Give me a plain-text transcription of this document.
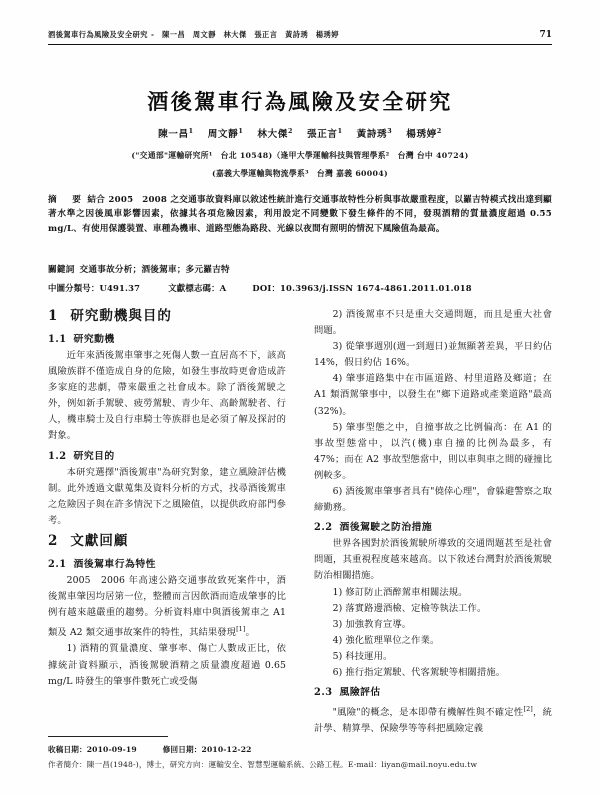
酒後駕車行為風險及安全研究 -　陳一昌　周文靜　林大傑　張正言　黃詩琇　楊琇婷	71
酒後駕車行為風險及安全研究
陳一昌$^1$ 周文靜$^1$ 林大傑$^2$ 張正言$^1$ 黃詩琇$^3$ 楊琇婷$^2$
("交通部"運輸研究所¹　台北 10548)（逢甲大學運輸科技與管理學系²　台灣 台中 40724)
(嘉義大學運輸與物流學系³　台灣 嘉義 60004)
摘　要 結合 2005　2008 之交通事故資料庫以敘述性統計進行交通事故特性分析與事故嚴重程度，以羅吉特模式找出達到顯著水準之因後風車影響因素，依據其各項危險因素，利用設定不同變數下發生條件的不同，發現酒精的質量濃度超過 0.55 mg/L、有使用保護裝置、車種為機車、道路型態為路段、光線以夜間有照明的情況下風險值為最高。
關鍵詞 交通事故分析；酒後駕車；多元羅吉特
中圖分類号：U491.37	文獻標志碼：A	DOI：10.3963/j.ISSN 1674-4861.2011.01.018
1 研究動機與目的
1.1 研究動機

近年來酒後駕車肇事之死傷人數一直居高不下，該高風險族群不僅造成自身的危險，如發生事故時更會造成許多家庭的悲劇，帶來嚴重之社會成本。除了酒後駕駛之外，例如新手駕駛、疲勞駕駛、青少年、高齡駕駛者、行人，機車騎士及自行車騎士等族群也是必須了解及探討的對象。

1.2 研究目的

本研究選擇"酒後駕車"為研究對象，建立風險評估機制。此外透過文獻蒐集及資料分析的方式，找尋酒後駕車之危險因子與在許多情況下之風險值，以提供政府部門參考。

2 文獻回顧
2.1 酒後駕車行為特性

2005　2006 年高速公路交通事故致死案件中，酒後駕車肇因均居第一位，整體而言因飲酒而造成肇事的比例有越來越嚴重的趨勢。分析資料庫中與酒後駕車之 A1 類及 A2 類交通事故案件的特性，其結果發現[1]。

1) 酒精的質量濃度、肇事率、傷亡人數成正比，依據統計資料顯示，酒後駕駛酒精之质量濃度超過 0.65 mg/L 時發生的肇事件數死亡或受傷

2) 酒後駕車不只是重大交通問題，而且是重大社會問題。

3) 從肇事週別(週一到週日)並無顯著差異，平日約佔 14%，假日約佔 16%。

4) 肇事道路集中在市區道路、村里道路及鄉道；在 A1 類酒駕肇事中，以發生在"鄉下道路或產業道路"最高(32%)。

5) 肇事型態之中，自撞事故之比例偏高：在 A1 的事故型態當中，以汽(機)車自撞的比例為最多，有 47%；而在 A2 事故型態當中，則以車與車之間的碰撞比例較多。

6) 酒後駕車肇事者具有"僥倖心理"，會躲避警察之取締勤務。

2.2 酒後駕駛之防治措施

世界各國對於酒後駕駛所導致的交通問題甚至是社會問題，其重視程度越來越高。以下敘述台灣對於酒後駕駛防治相關措施。

1) 修訂防止酒醉駕車相關法規。

2) 落實路邊酒檢、定檢等執法工作。

3) 加強教育宣導。

4) 強化監理單位之作業。

5) 科技運用。

6) 推行指定駕駛、代客駕駛等相關措施。

2.3 風險評估

"風險"的概念，是本即帶有機解性與不確定性[2]，統計學、精算學、保險學等等科把風險定義

收稿日期：2010-09-19	修回日期：2010-12-22
作者簡介：陳一昌(1948-)，博士，研究方向：運輸安全、智慧型運輸系統、公路工程。E-mail：liyan@mail.noyu.edu.tw
